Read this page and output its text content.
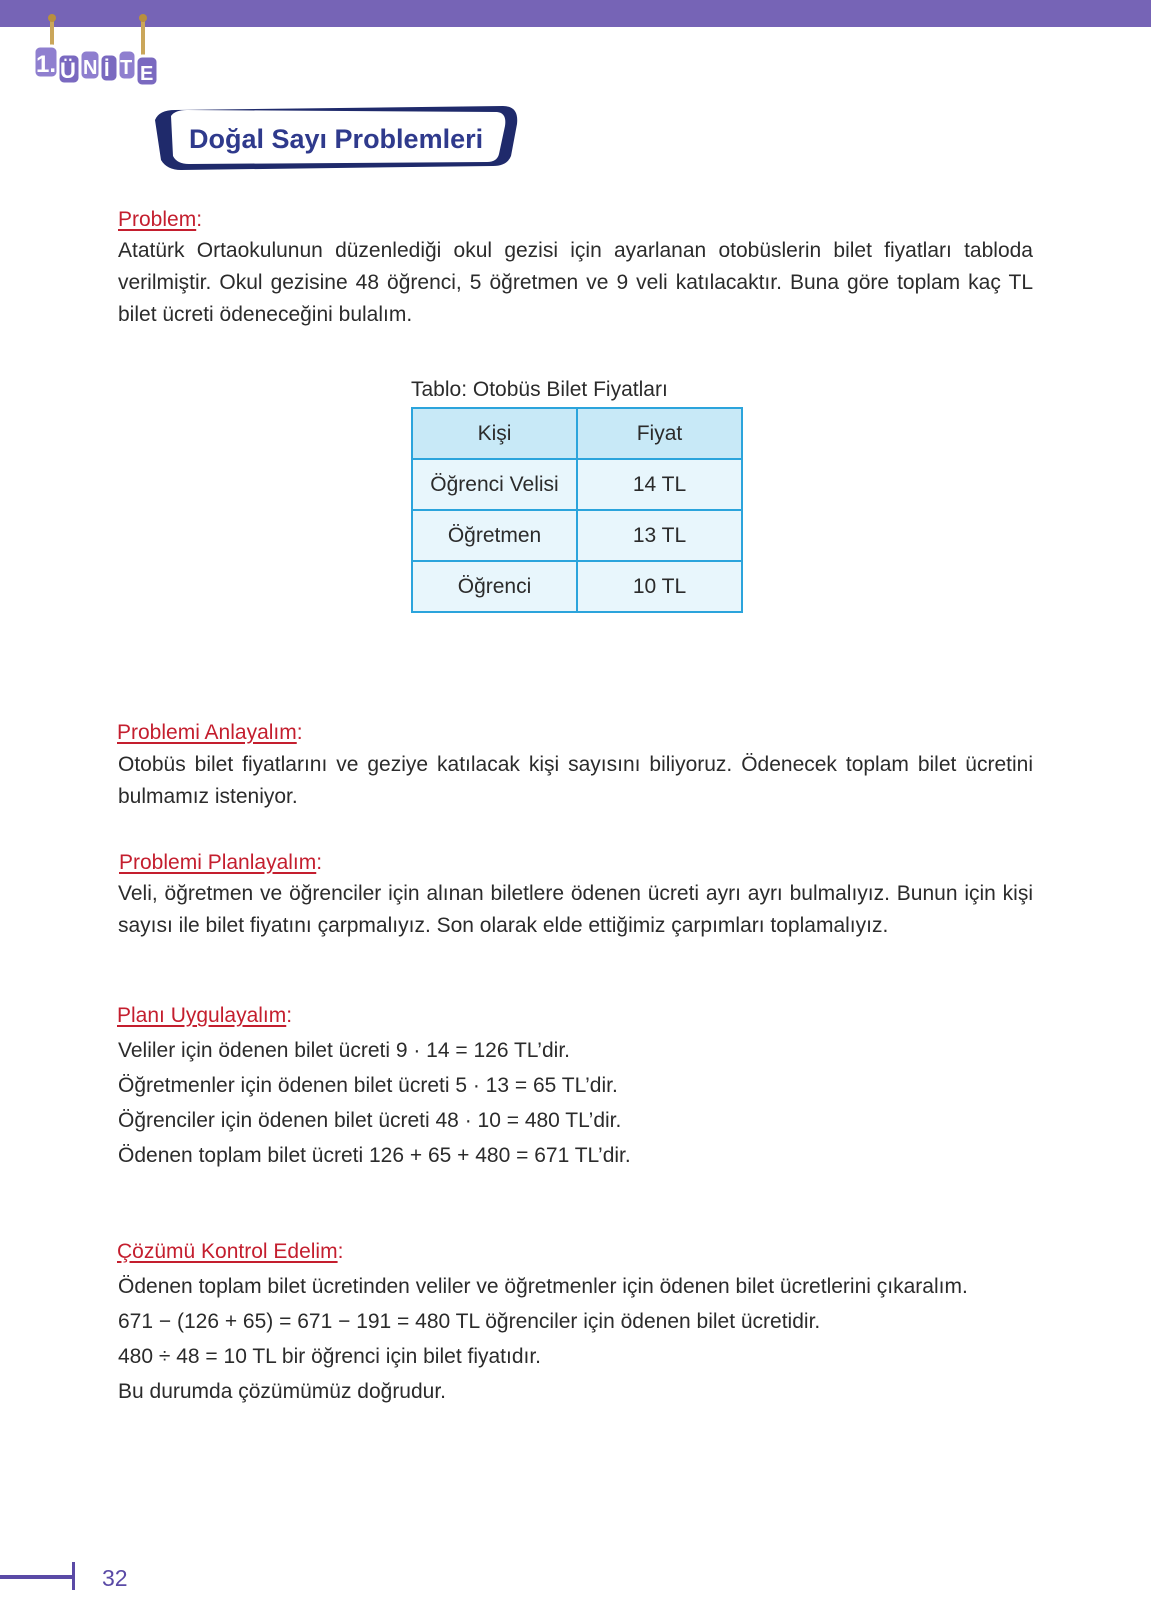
1. Ü N İ T E
Doğal Sayı Problemleri
Problem:
Atatürk Ortaokulunun düzenlediği okul gezisi için ayarlanan otobüslerin bilet fiyatları tabloda verilmiştir. Okul gezisine 48 öğrenci, 5 öğretmen ve 9 veli katılacaktır. Buna göre toplam kaç TL bilet ücreti ödeneceğini bulalım.
Tablo: Otobüs Bilet Fiyatları
Kişi	Fiyat
Öğrenci Velisi	14 TL
Öğretmen	13 TL
Öğrenci	10 TL
Problemi Anlayalım:
Otobüs bilet fiyatlarını ve geziye katılacak kişi sayısını biliyoruz. Ödenecek toplam bilet ücretini bulmamız isteniyor.
Problemi Planlayalım:
Veli, öğretmen ve öğrenciler için alınan biletlere ödenen ücreti ayrı ayrı bulmalıyız. Bunun için kişi sayısı ile bilet fiyatını çarpmalıyız. Son olarak elde ettiğimiz çarpımları toplamalıyız.
Planı Uygulayalım:
Veliler için ödenen bilet ücreti 9 · 14 = 126 TL’dir.
Öğretmenler için ödenen bilet ücreti 5 · 13 = 65 TL’dir.
Öğrenciler için ödenen bilet ücreti 48 · 10 = 480 TL’dir.
Ödenen toplam bilet ücreti 126 + 65 + 480 = 671 TL’dir.
Çözümü Kontrol Edelim:
Ödenen toplam bilet ücretinden veliler ve öğretmenler için ödenen bilet ücretlerini çıkaralım.
671 − (126 + 65) = 671 − 191 = 480 TL öğrenciler için ödenen bilet ücretidir.
480 ÷ 48 = 10 TL bir öğrenci için bilet fiyatıdır.
Bu durumda çözümümüz doğrudur.
32
